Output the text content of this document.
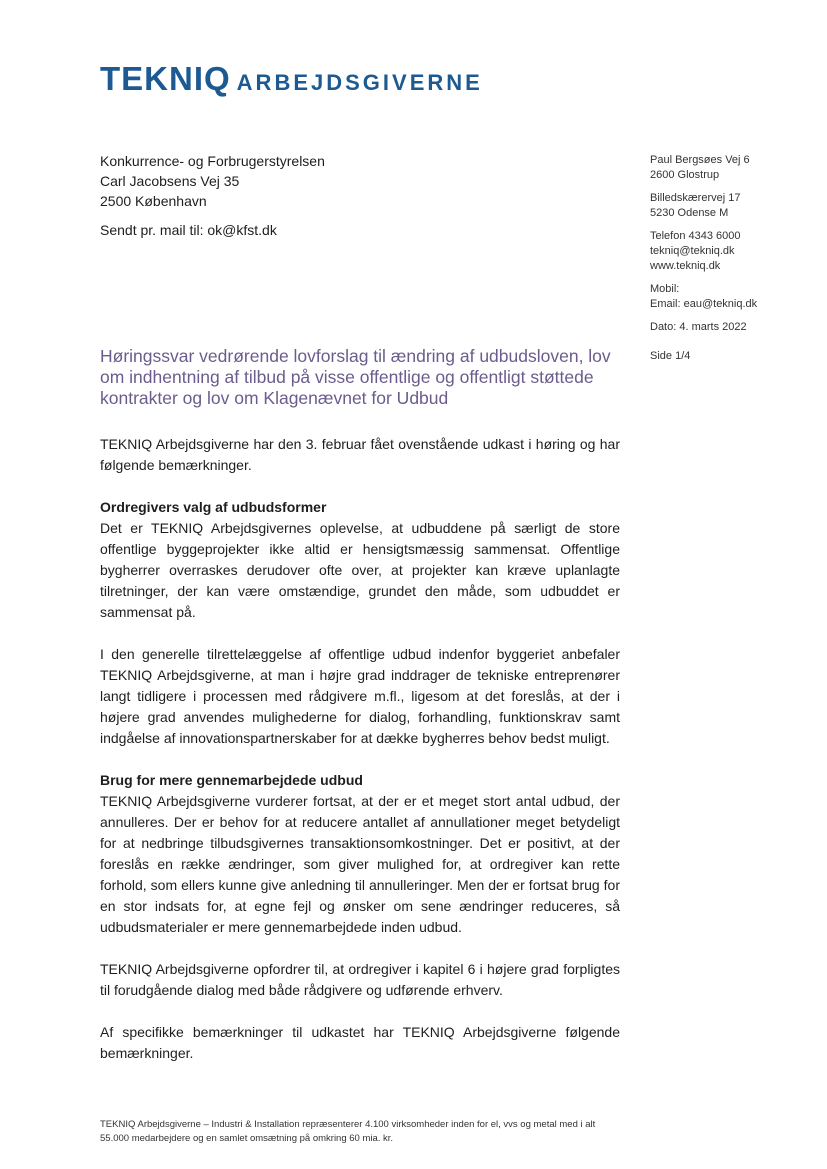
TEKNIQ ARBEJDSGIVERNE
Konkurrence- og Forbrugerstyrelsen
Carl Jacobsens Vej 35
2500 København
Sendt pr. mail til: ok@kfst.dk
Paul Bergsøes Vej 6
2600 Glostrup
Billedskærervej 17
5230 Odense M
Telefon 4343 6000
tekniq@tekniq.dk
www.tekniq.dk
Mobil:
Email: eau@tekniq.dk
Dato: 4. marts 2022
Side 1/4
Høringssvar vedrørende lovforslag til ændring af udbudsloven, lov om indhentning af tilbud på visse offentlige og offentligt støttede kontrakter og lov om Klagenævnet for Udbud

TEKNIQ Arbejdsgiverne har den 3. februar fået ovenstående udkast i høring og har følgende bemærkninger.

Ordregivers valg af udbudsformer

Det er TEKNIQ Arbejdsgivernes oplevelse, at udbuddene på særligt de store offentlige byggeprojekter ikke altid er hensigtsmæssig sammensat. Offentlige bygherrer overraskes derudover ofte over, at projekter kan kræve uplanlagte tilretninger, der kan være omstændige, grundet den måde, som udbuddet er sammensat på.

I den generelle tilrettelæggelse af offentlige udbud indenfor byggeriet anbefaler TEKNIQ Arbejdsgiverne, at man i højre grad inddrager de tekniske entreprenører langt tidligere i processen med rådgivere m.fl., ligesom at det foreslås, at der i højere grad anvendes mulighederne for dialog, forhandling, funktionskrav samt indgåelse af innovationspartnerskaber for at dække bygherres behov bedst muligt.

Brug for mere gennemarbejdede udbud

TEKNIQ Arbejdsgiverne vurderer fortsat, at der er et meget stort antal udbud, der annulleres. Der er behov for at reducere antallet af annullationer meget betydeligt for at nedbringe tilbudsgivernes transaktionsomkostninger. Det er positivt, at der foreslås en række ændringer, som giver mulighed for, at ordregiver kan rette forhold, som ellers kunne give anledning til annulleringer. Men der er fortsat brug for en stor indsats for, at egne fejl og ønsker om sene ændringer reduceres, så udbudsmaterialer er mere gennemarbejdede inden udbud.

TEKNIQ Arbejdsgiverne opfordrer til, at ordregiver i kapitel 6 i højere grad forpligtes til forudgående dialog med både rådgivere og udførende erhverv.

Af specifikke bemærkninger til udkastet har TEKNIQ Arbejdsgiverne følgende bemærkninger.

TEKNIQ Arbejdsgiverne – Industri & Installation repræsenterer 4.100 virksomheder inden for el, vvs og metal med i alt 55.000 medarbejdere og en samlet omsætning på omkring 60 mia. kr.
